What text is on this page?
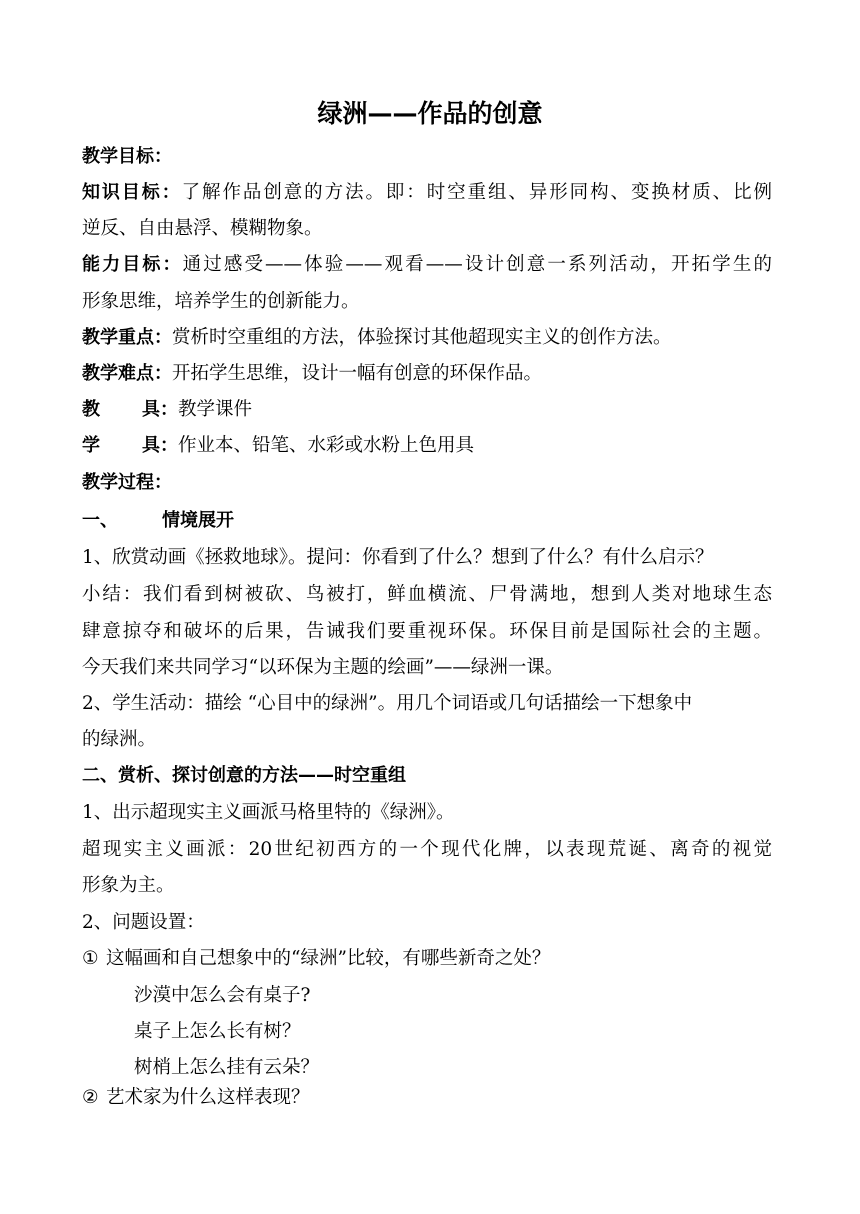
绿洲——作品的创意
教学目标：
知识目标：了解作品创意的方法。即：时空重组、异形同构、变换材质、比例
逆反、自由悬浮、模糊物象。
能力目标：通过感受——体验——观看——设计创意一系列活动，开拓学生的
形象思维，培养学生的创新能力。
教学重点：赏析时空重组的方法，体验探讨其他超现实主义的创作方法。
教学难点：开拓学生思维，设计一幅有创意的环保作品。
教 具：教学课件
学 具：作业本、铅笔、水彩或水粉上色用具
教学过程：
一、 情境展开
1、欣赏动画《拯救地球》。提问：你看到了什么？想到了什么？有什么启示？
小结：我们看到树被砍、鸟被打，鲜血横流、尸骨满地，想到人类对地球生态
肆意掠夺和破坏的后果，告诫我们要重视环保。环保目前是国际社会的主题。
今天我们来共同学习“以环保为主题的绘画”——绿洲一课。
2、学生活动：描绘 “心目中的绿洲”。用几个词语或几句话描绘一下想象中
的绿洲。
二、赏析、探讨创意的方法——时空重组
1、出示超现实主义画派马格里特的《绿洲》。
超现实主义画派：20世纪初西方的一个现代化牌，以表现荒诞、离奇的视觉
形象为主。
2、问题设置：
① 这幅画和自己想象中的“绿洲”比较，有哪些新奇之处？
沙漠中怎么会有桌子?
桌子上怎么长有树？
树梢上怎么挂有云朵？
② 艺术家为什么这样表现？
